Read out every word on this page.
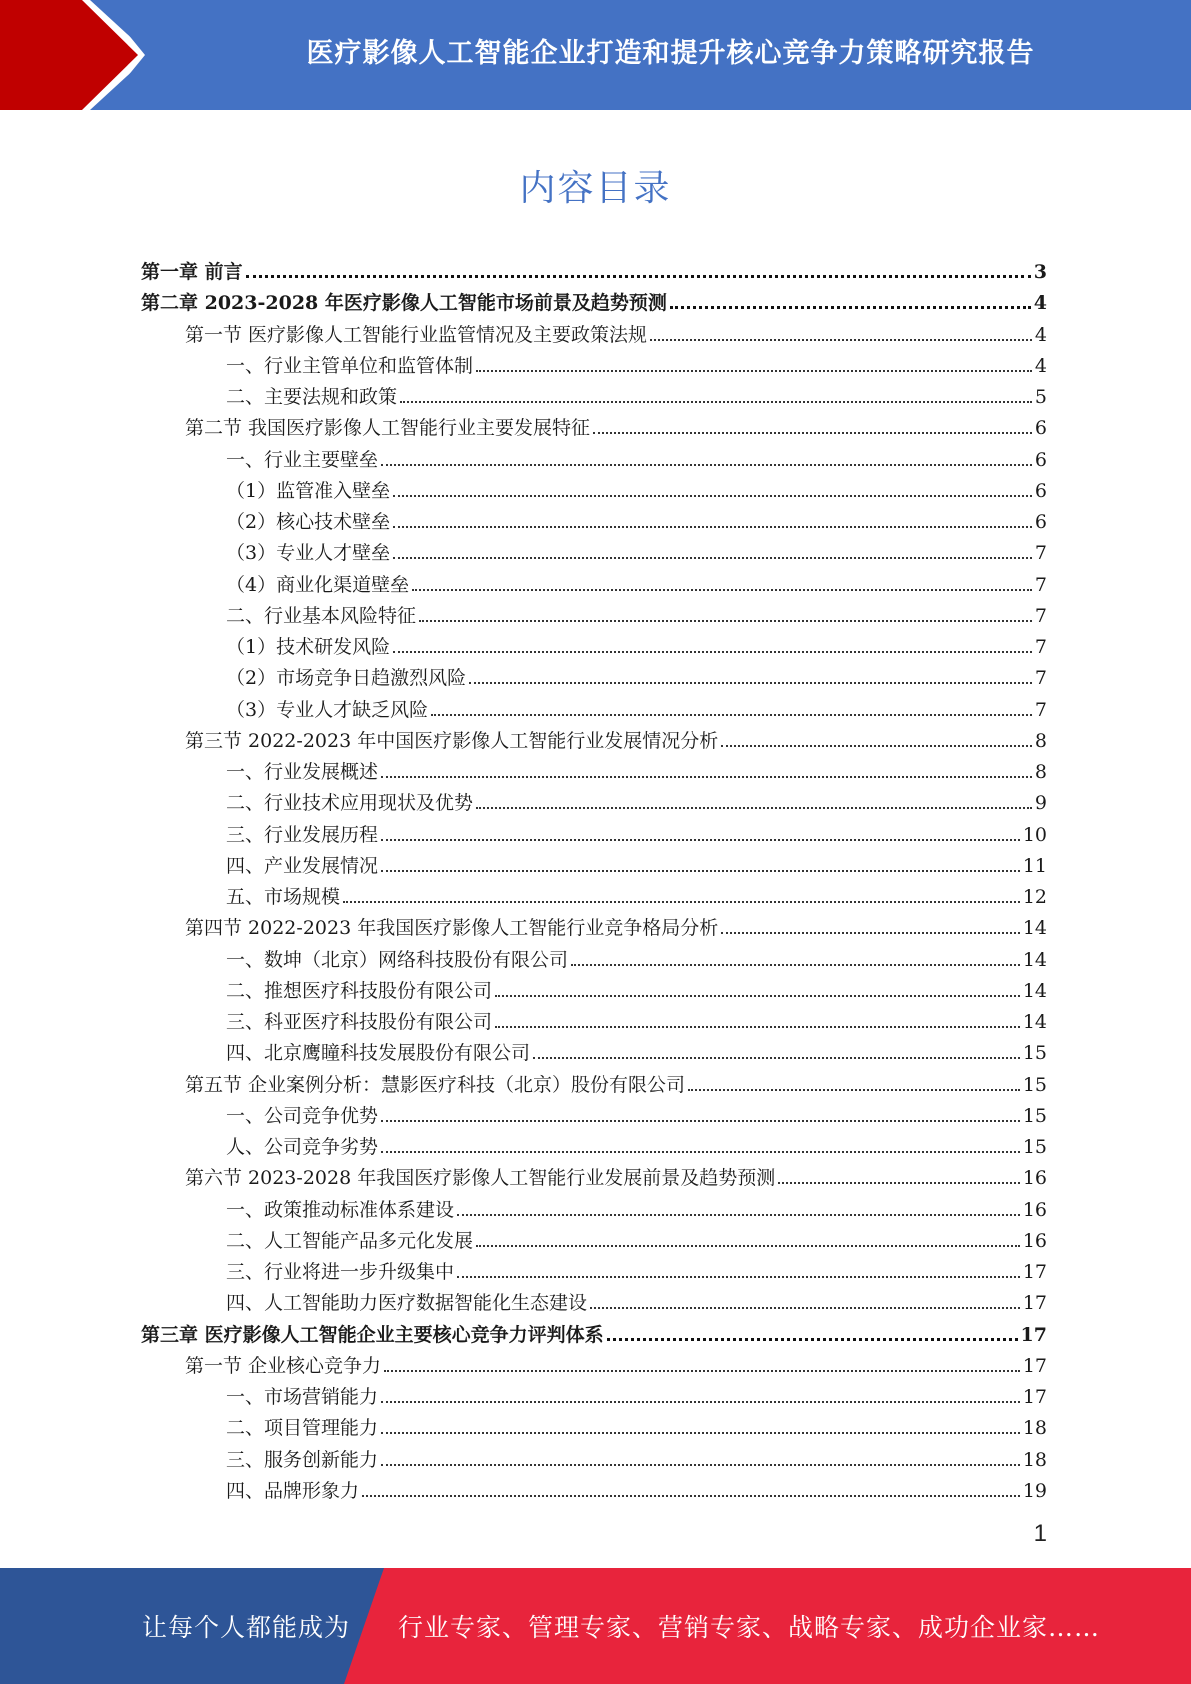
医疗影像人工智能企业打造和提升核心竞争力策略研究报告
内容目录
第一章 前言	3
第二章 2023-2028 年医疗影像人工智能市场前景及趋势预测	4
第一节 医疗影像人工智能行业监管情况及主要政策法规	4
一、行业主管单位和监管体制	4
二、主要法规和政策	5
第二节 我国医疗影像人工智能行业主要发展特征	6
一、行业主要壁垒	6
（1）监管准入壁垒	6
（2）核心技术壁垒	6
（3）专业人才壁垒	7
（4）商业化渠道壁垒	7
二、行业基本风险特征	7
（1）技术研发风险	7
（2）市场竞争日趋激烈风险	7
（3）专业人才缺乏风险	7
第三节 2022-2023 年中国医疗影像人工智能行业发展情况分析	8
一、行业发展概述	8
二、行业技术应用现状及优势	9
三、行业发展历程	10
四、产业发展情况	11
五、市场规模	12
第四节 2022-2023 年我国医疗影像人工智能行业竞争格局分析	14
一、数坤（北京）网络科技股份有限公司	14
二、推想医疗科技股份有限公司	14
三、科亚医疗科技股份有限公司	14
四、北京鹰瞳科技发展股份有限公司	15
第五节 企业案例分析：慧影医疗科技（北京）股份有限公司	15
一、公司竞争优势	15
人、公司竞争劣势	15
第六节 2023-2028 年我国医疗影像人工智能行业发展前景及趋势预测	16
一、政策推动标准体系建设	16
二、人工智能产品多元化发展	16
三、行业将进一步升级集中	17
四、人工智能助力医疗数据智能化生态建设	17
第三章 医疗影像人工智能企业主要核心竞争力评判体系	17
第一节 企业核心竞争力	17
一、市场营销能力	17
二、项目管理能力	18
三、服务创新能力	18
四、品牌形象力	19
1
让每个人都能成为 行业专家、管理专家、营销专家、战略专家、成功企业家……
